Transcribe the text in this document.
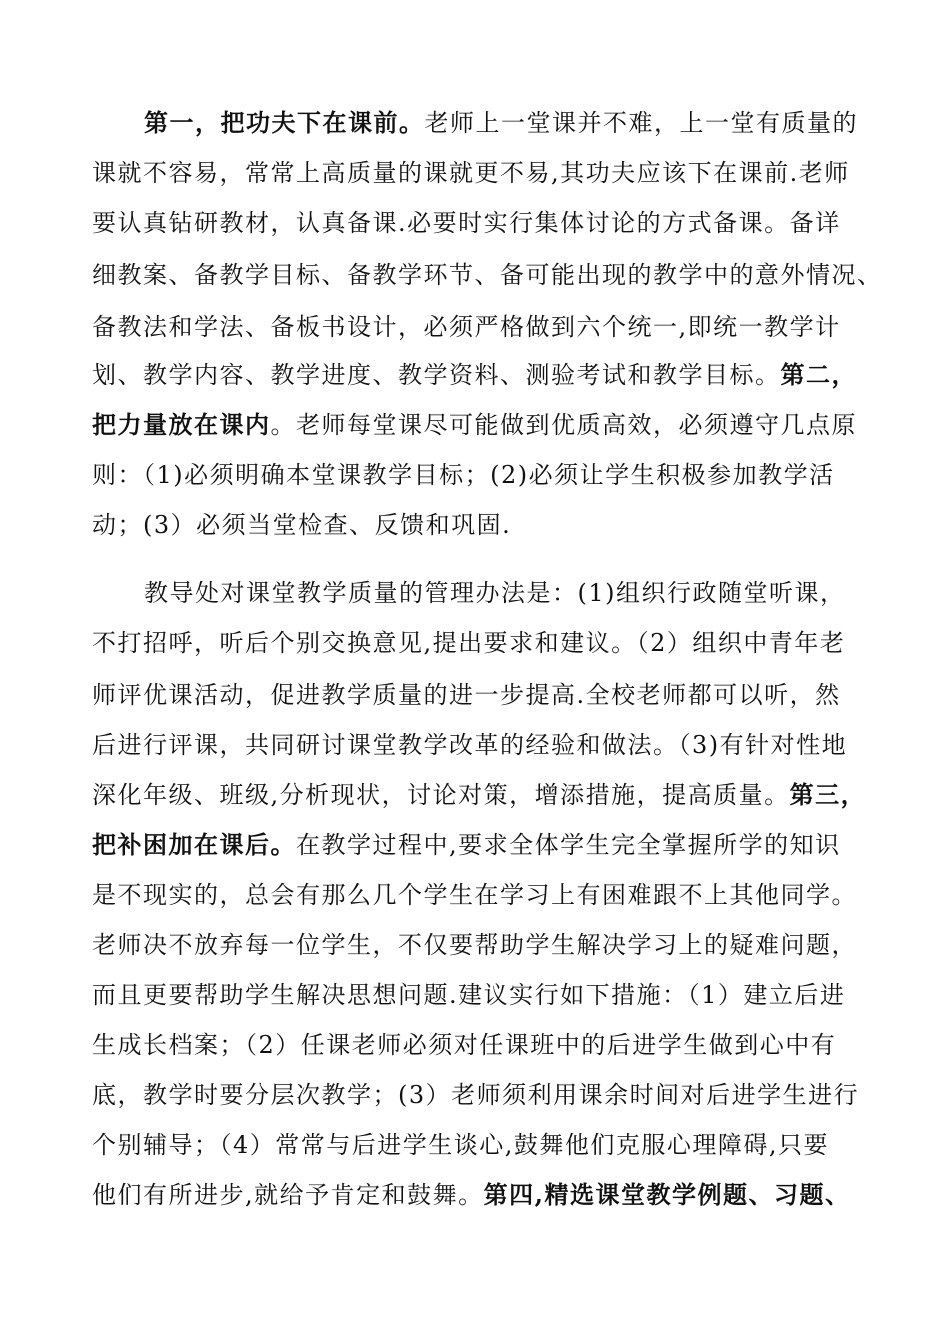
第一，把功夫下在课前。老师上一堂课并不难，上一堂有质量的
课就不容易，常常上高质量的课就更不易,其功夫应该下在课前.老师
要认真钻研教材，认真备课.必要时实行集体讨论的方式备课。备详
细教案、备教学目标、备教学环节、备可能出现的教学中的意外情况、
备教法和学法、备板书设计，必须严格做到六个统一,即统一教学计
划、教学内容、教学进度、教学资料、测验考试和教学目标。第二，
把力量放在课内。老师每堂课尽可能做到优质高效，必须遵守几点原
则：（1)必须明确本堂课教学目标；(2)必须让学生积极参加教学活
动；(3）必须当堂检查、反馈和巩固.
教导处对课堂教学质量的管理办法是：(1)组织行政随堂听课，
不打招呼，听后个别交换意见,提出要求和建议。（2）组织中青年老
师评优课活动，促进教学质量的进一步提高.全校老师都可以听，然
后进行评课，共同研讨课堂教学改革的经验和做法。（3)有针对性地
深化年级、班级,分析现状，讨论对策，增添措施，提高质量。第三，
把补困加在课后。在教学过程中,要求全体学生完全掌握所学的知识
是不现实的，总会有那么几个学生在学习上有困难跟不上其他同学。
老师决不放弃每一位学生，不仅要帮助学生解决学习上的疑难问题，
而且更要帮助学生解决思想问题.建议实行如下措施：（1）建立后进
生成长档案；（2）任课老师必须对任课班中的后进学生做到心中有
底，教学时要分层次教学；(3）老师须利用课余时间对后进学生进行
个别辅导；（4）常常与后进学生谈心,鼓舞他们克服心理障碍,只要
他们有所进步,就给予肯定和鼓舞。第四,精选课堂教学例题、习题、
